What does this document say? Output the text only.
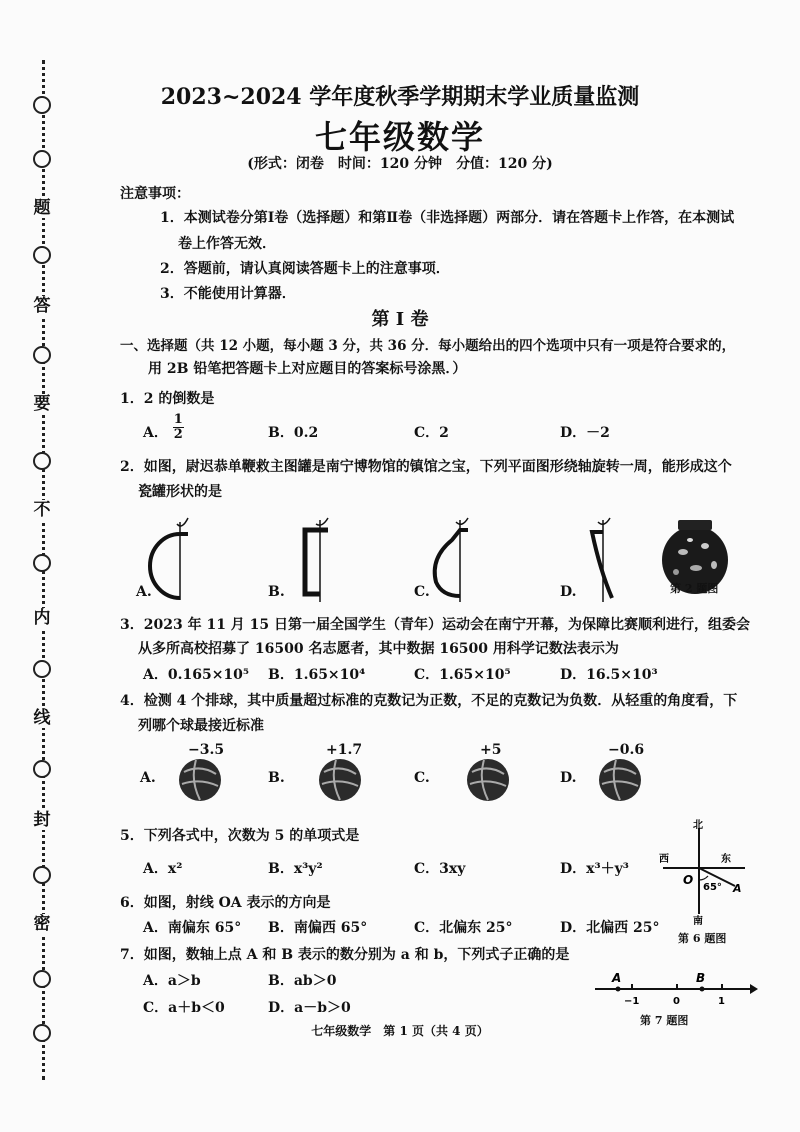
题
答
要
不
内
线
封
密
2023~2024 学年度秋季学期期末学业质量监测
七年级数学
(形式：闭卷　时间：120 分钟　分值：120 分)
注意事项：
1．本测试卷分第Ⅰ卷（选择题）和第Ⅱ卷（非选择题）两部分．请在答题卡上作答，在本测试
卷上作答无效．
2．答题前，请认真阅读答题卡上的注意事项．
3．不能使用计算器．
第 Ⅰ 卷
一、选择题（共 12 小题，每小题 3 分，共 36 分．每小题给出的四个选项中只有一项是符合要求的，
用 2B 铅笔把答题卡上对应题目的答案标号涂黑．）
1．2 的倒数是
A． $\frac{1}{2}$	B．0.2	C．2	D．－2
2．如图，尉迟恭单鞭救主图罐是南宁博物馆的镇馆之宝，下列平面图形绕轴旋转一周，能形成这个
瓷罐形状的是
A.	B.	C.	D.	第 2 题图
3．2023 年 11 月 15 日第一届全国学生（青年）运动会在南宁开幕，为保障比赛顺利进行，组委会
从多所高校招募了 16500 名志愿者，其中数据 16500 用科学记数法表示为
A．0.165×10⁵ B．1.65×10⁴	C．1.65×10⁵	D．16.5×10³
4．检测 4 个排球，其中质量超过标准的克数记为正数，不足的克数记为负数．从轻重的角度看，下
列哪个球最接近标准
−3.5	+1.7	+5	−0.6
A.	B.	C.	D.
5．下列各式中，次数为 5 的单项式是
A．x²	B．x³y²	C．3xy	D．x³＋y³
北
南
西	东
O
A
65°
6．如图，射线 OA 表示的方向是
A．南偏东 65° B．南偏西 65°	C．北偏东 25°	D．北偏西 25°
第 6 题图
7．如图，数轴上点 A 和 B 表示的数分别为 a 和 b，下列式子正确的是
A．a＞b	B．ab＞0
C．a＋b＜0	D．a－b＞0
A	B
−1	0	1
第 7 题图
七年级数学　第 1 页（共 4 页）
